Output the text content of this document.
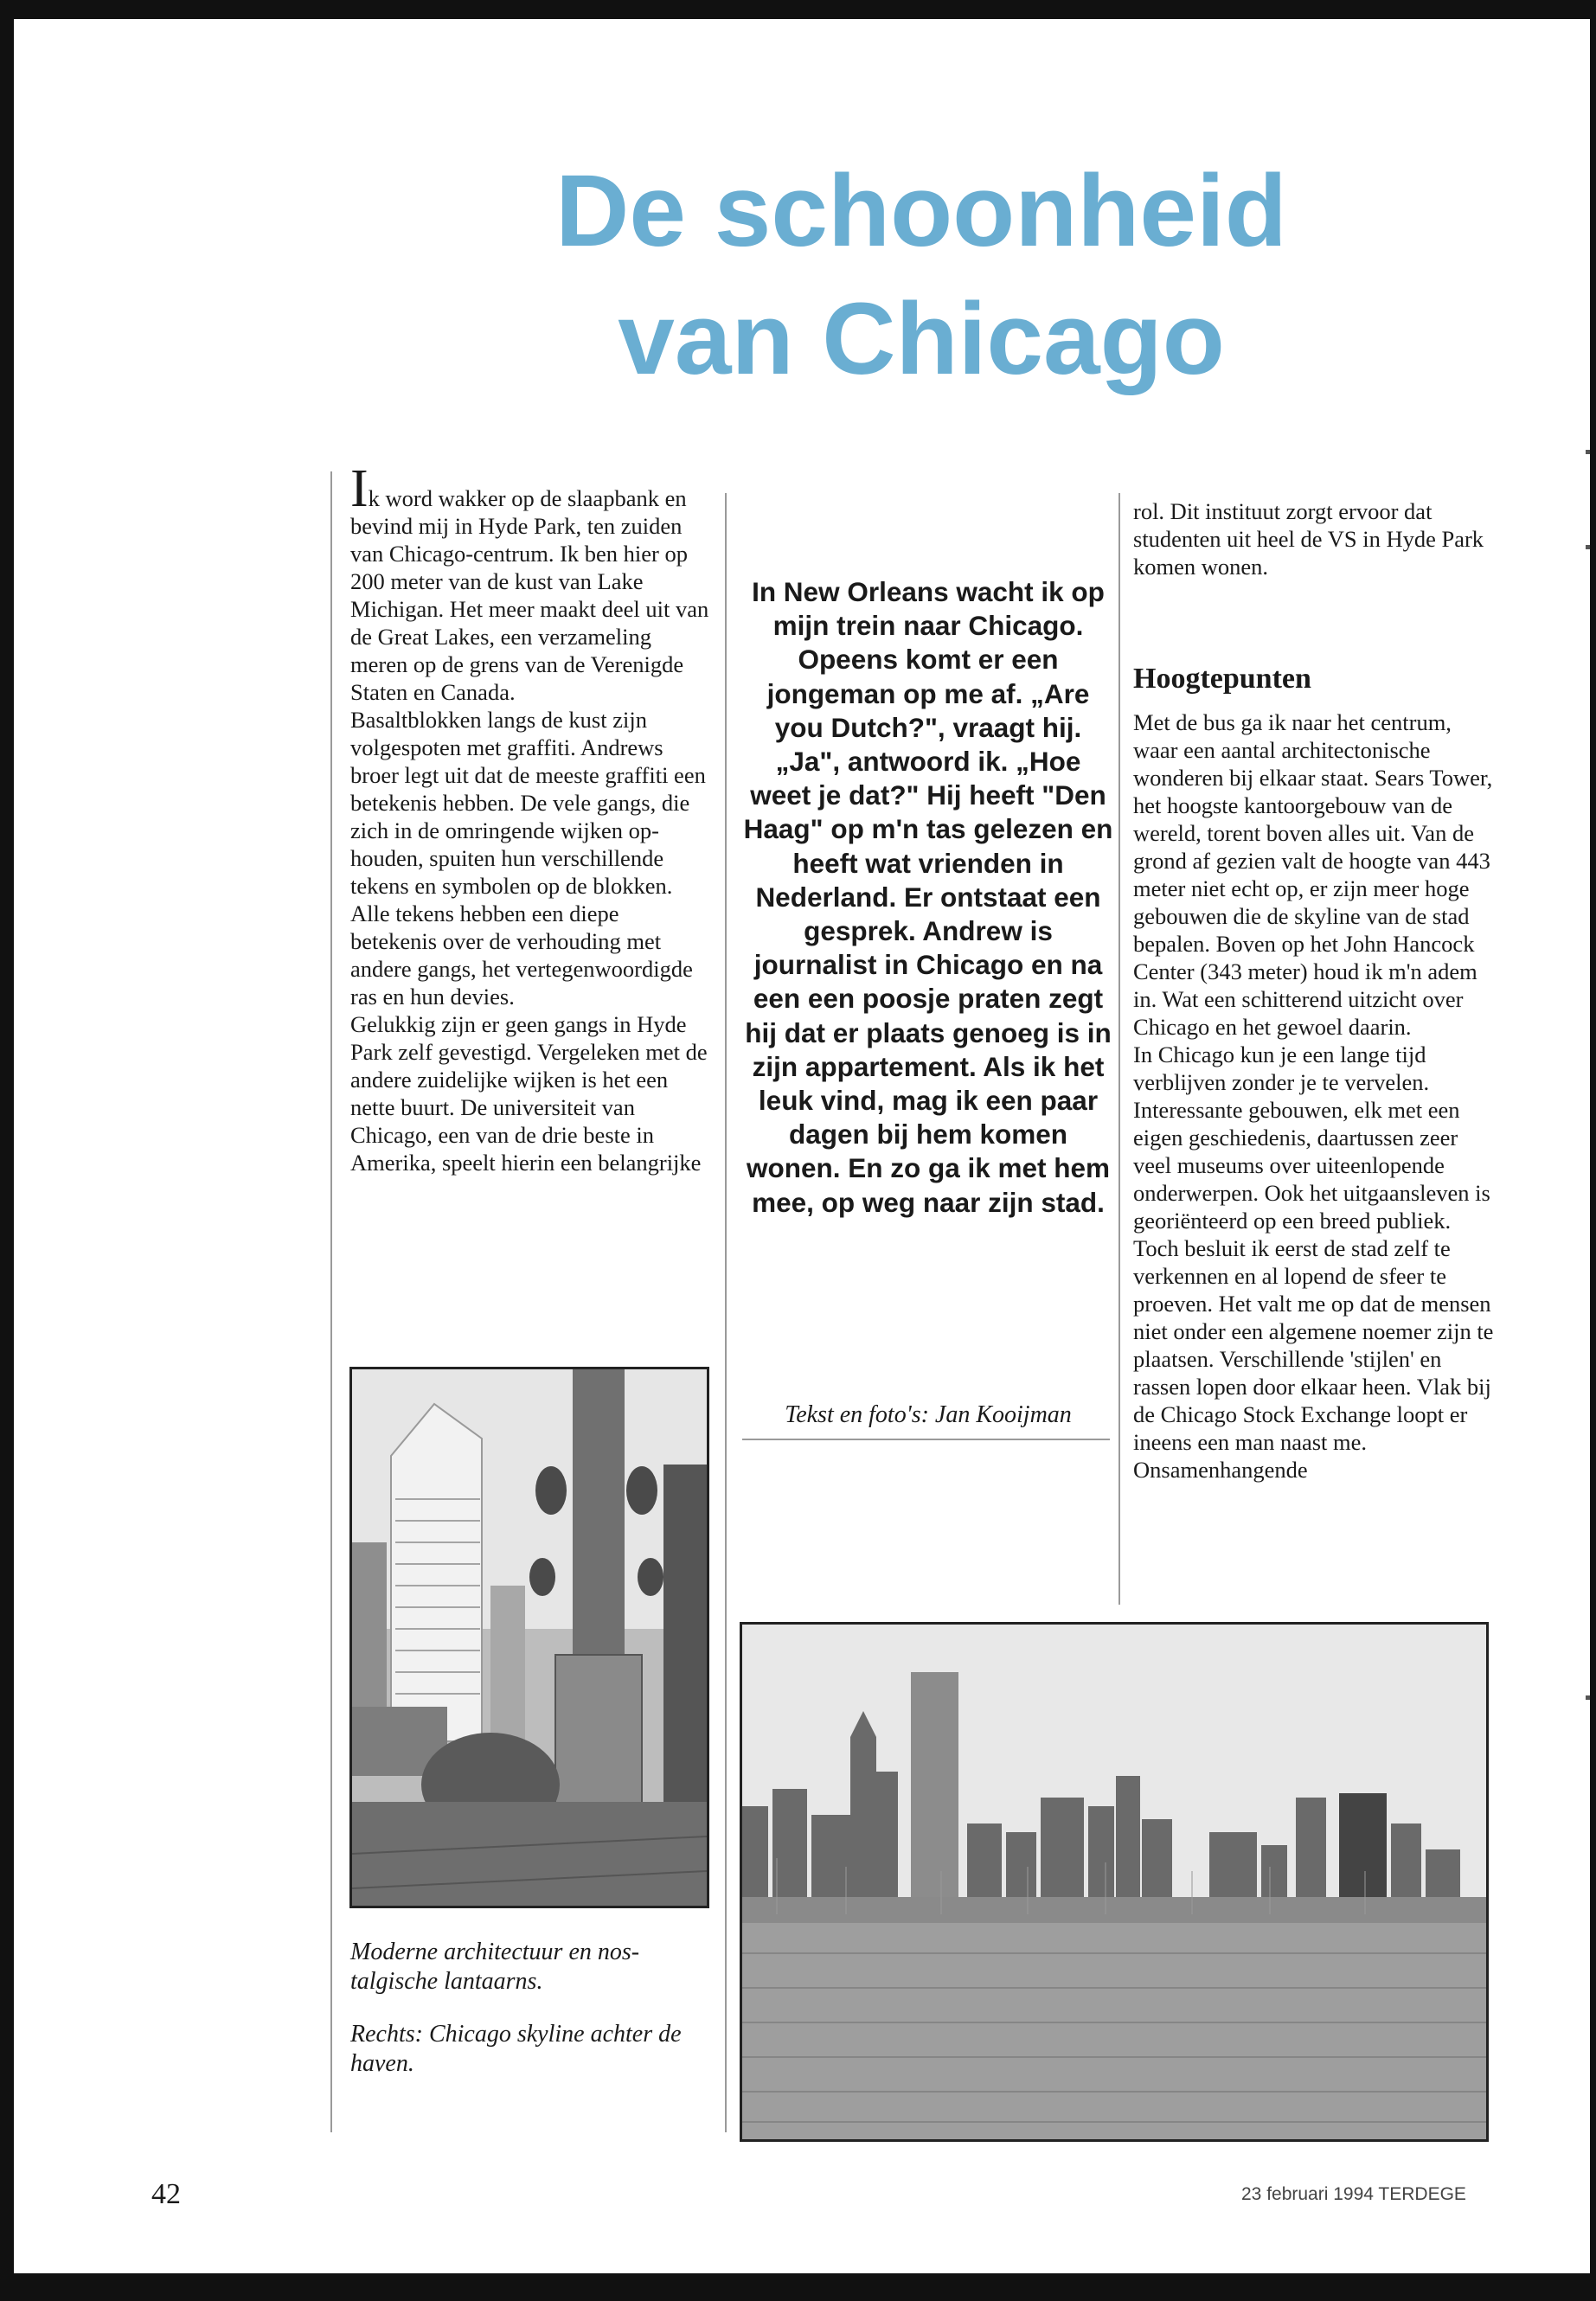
De schoonheid
van Chicago

Ik word wakker op de slaapbank en bevind mij in Hyde Park, ten zuiden van Chicago-centrum. Ik ben hier op 200 meter van de kust van Lake Michigan. Het meer maakt deel uit van de Great Lakes, een verzameling meren op de grens van de Verenigde Staten en Canada.

Basaltblokken langs de kust zijn volgespoten met graffiti. Andrews broer legt uit dat de meeste graffiti een betekenis hebben. De vele gangs, die zich in de omringende wijken ophouden, spuiten hun verschillende tekens en symbolen op de blokken. Alle tekens hebben een diepe betekenis over de verhouding met andere gangs, het vertegenwoordigde ras en hun devies.

Gelukkig zijn er geen gangs in Hyde Park zelf gevestigd. Vergeleken met de andere zuidelijke wijken is het een nette buurt. De universiteit van Chicago, een van de drie beste in Amerika, speelt hierin een belangrijke

In New Orleans wacht ik op mijn trein naar Chicago. Opeens komt er een jongeman op me af. „Are you Dutch?", vraagt hij. „Ja", antwoord ik. „Hoe weet je dat?" Hij heeft "Den Haag" op m'n tas gelezen en heeft wat vrienden in Nederland. Er ontstaat een gesprek. Andrew is journalist in Chicago en na een een poosje praten zegt hij dat er plaats genoeg is in zijn appartement. Als ik het leuk vind, mag ik een paar dagen bij hem komen wonen. En zo ga ik met hem mee, op weg naar zijn stad.

Tekst en foto's: Jan Kooijman

rol. Dit instituut zorgt ervoor dat studenten uit heel de VS in Hyde Park komen wonen.

Hoogtepunten

Met de bus ga ik naar het centrum, waar een aantal architectonische wonderen bij elkaar staat. Sears Tower, het hoogste kantoorgebouw van de wereld, torent boven alles uit. Van de grond af gezien valt de hoogte van 443 meter niet echt op, er zijn meer hoge gebouwen die de skyline van de stad bepalen. Boven op het John Hancock Center (343 meter) houd ik m'n adem in. Wat een schitterend uitzicht over Chicago en het gewoel daarin.

In Chicago kun je een lange tijd verblijven zonder je te vervelen. Interessante gebouwen, elk met een eigen geschiedenis, daartussen zeer veel museums over uiteenlopende onderwerpen. Ook het uitgaansleven is georiënteerd op een breed publiek.

Toch besluit ik eerst de stad zelf te verkennen en al lopend de sfeer te proeven. Het valt me op dat de mensen niet onder een algemene noemer zijn te plaatsen. Verschillende 'stijlen' en rassen lopen door elkaar heen. Vlak bij de Chicago Stock Exchange loopt er ineens een man naast me. Onsamenhangende

Moderne architectuur en nostalgische lantaarns.

Rechts: Chicago skyline achter de haven.

42	23 februari 1994 TERDEGE
